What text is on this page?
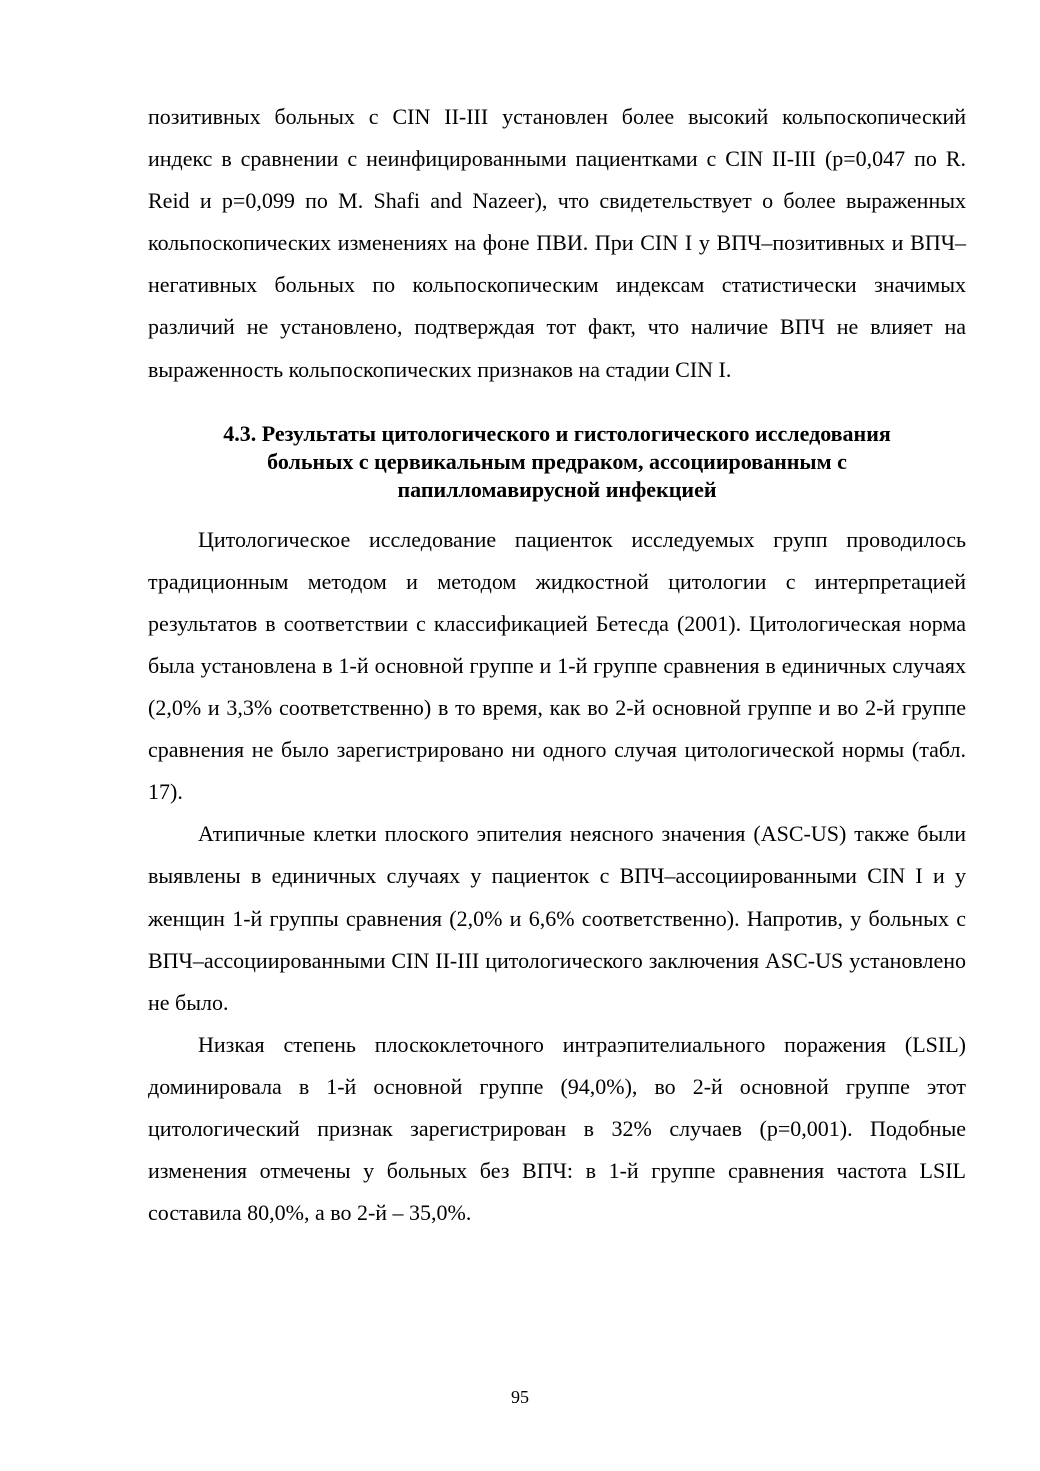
позитивных больных с CIN II-III установлен более высокий кольпоскопический индекс в сравнении с неинфицированными пациентками с CIN II-III (р=0,047 по R. Reid и р=0,099 по M. Shafi and Nazeer), что свидетельствует о более выраженных кольпоскопических изменениях на фоне ПВИ. При CIN I у ВПЧ–позитивных и ВПЧ–негативных больных по кольпоскопическим индексам статистически значимых различий не установлено, подтверждая тот факт, что наличие ВПЧ не влияет на выраженность кольпоскопических признаков на стадии CIN I.

4.3. Результаты цитологического и гистологического исследования
больных с цервикальным предраком, ассоциированным с
папилломавирусной инфекцией

Цитологическое исследование пациенток исследуемых групп проводилось традиционным методом и методом жидкостной цитологии с интерпретацией результатов в соответствии с классификацией Бетесда (2001). Цитологическая норма была установлена в 1-й основной группе и 1-й группе сравнения в единичных случаях (2,0% и 3,3% соответственно) в то время, как во 2-й основной группе и во 2-й группе сравнения не было зарегистрировано ни одного случая цитологической нормы (табл. 17).

Атипичные клетки плоского эпителия неясного значения (ASC-US) также были выявлены в единичных случаях у пациенток с ВПЧ–ассоциированными CIN I и у женщин 1-й группы сравнения (2,0% и 6,6% соответственно). Напротив, у больных с ВПЧ–ассоциированными CIN II-III цитологического заключения ASC-US установлено не было.

Низкая степень плоскоклеточного интраэпителиального поражения (LSIL) доминировала в 1-й основной группе (94,0%), во 2-й основной группе этот цитологический признак зарегистрирован в 32% случаев (р=0,001). Подобные изменения отмечены у больных без ВПЧ: в 1-й группе сравнения частота LSIL составила 80,0%, а во 2-й – 35,0%.

95
